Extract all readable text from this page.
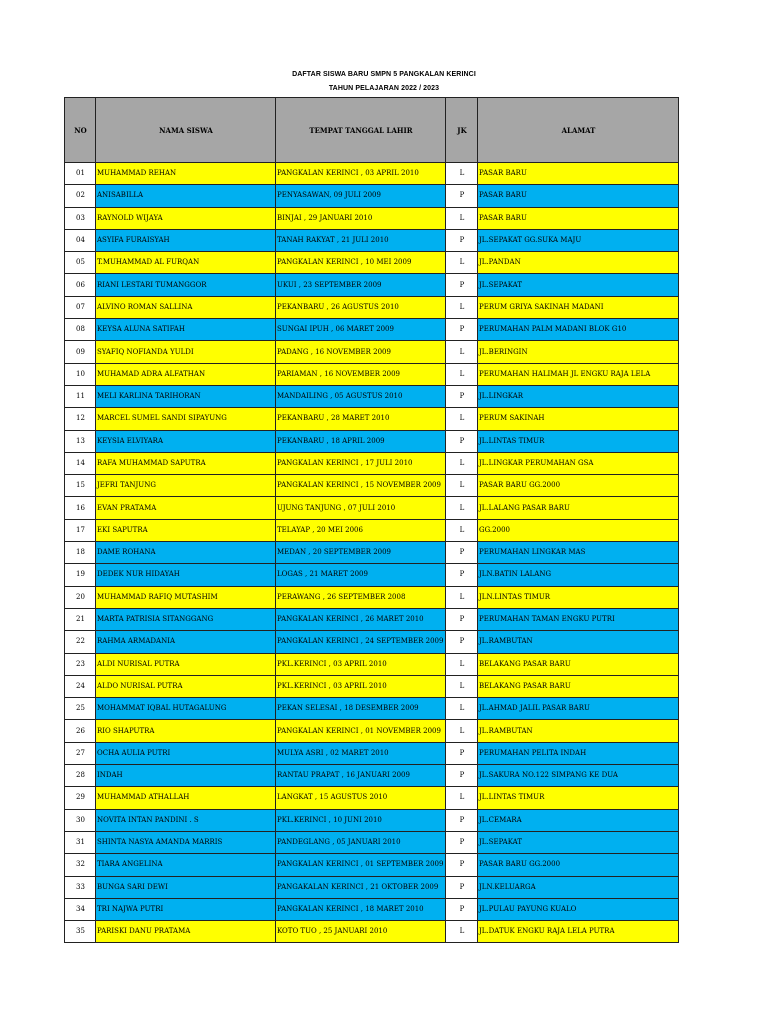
DAFTAR SISWA BARU SMPN 5 PANGKALAN KERINCI
TAHUN PELAJARAN 2022 / 2023
NO	NAMA SISWA	TEMPAT TANGGAL LAHIR	JK	ALAMAT
01	MUHAMMAD REHAN	PANGKALAN KERINCI , 03 APRIL 2010	L	PASAR BARU
02	ANISABILLA	PENYASAWAN, 09 JULI 2009	P	PASAR BARU
03	RAYNOLD WIJAYA	BINJAI , 29 JANUARI 2010	L	PASAR BARU
04	ASYIFA FURAISYAH	TANAH RAKYAT , 21 JULI 2010	P	JL.SEPAKAT GG.SUKA MAJU
05	T.MUHAMMAD AL FURQAN	PANGKALAN KERINCI , 10 MEI 2009	L	JL.PANDAN
06	RIANI LESTARI TUMANGGOR	UKUI , 23 SEPTEMBER 2009	P	JL.SEPAKAT
07	ALVINO ROMAN SALLINA	PEKANBARU , 26 AGUSTUS 2010	L	PERUM GRIYA SAKINAH MADANI
08	KEYSA ALUNA SATIFAH	SUNGAI IPUH , 06 MARET 2009	P	PERUMAHAN PALM MADANI BLOK G10
09	SYAFIQ NOFIANDA YULDI	PADANG , 16 NOVEMBER 2009	L	JL.BERINGIN
10	MUHAMAD ADRA ALFATHAN	PARIAMAN , 16 NOVEMBER 2009	L	PERUMAHAN HALIMAH JL ENGKU RAJA LELA
11	MELI KARLINA TARIHORAN	MANDAILING , 05 AGUSTUS 2010	P	JL.LINGKAR
12	MARCEL SUMEL SANDI SIPAYUNG	PEKANBARU , 28 MARET 2010	L	PERUM SAKINAH
13	KEYSIA ELVIYARA	PEKANBARU , 18 APRIL 2009	P	JL.LINTAS TIMUR
14	RAFA MUHAMMAD SAPUTRA	PANGKALAN KERINCI , 17 JULI 2010	L	JL.LINGKAR PERUMAHAN GSA
15	JEFRI TANJUNG	PANGKALAN KERINCI , 15 NOVEMBER 2009	L	PASAR BARU GG.2000
16	EVAN PRATAMA	UJUNG TANJUNG , 07 JULI 2010	L	JL.LALANG PASAR BARU
17	EKI SAPUTRA	TELAYAP , 20 MEI 2006	L	GG.2000
18	DAME ROHANA	MEDAN , 20 SEPTEMBER 2009	P	PERUMAHAN LINGKAR MAS
19	DEDEK NUR HIDAYAH	LOGAS , 21 MARET 2009	P	JLN.BATIN LALANG
20	MUHAMMAD RAFIQ MUTASHIM	PERAWANG , 26 SEPTEMBER 2008	L	JLN.LINTAS TIMUR
21	MARTA PATRISIA SITANGGANG	PANGKALAN KERINCI , 26 MARET 2010	P	PERUMAHAN TAMAN ENGKU PUTRI
22	RAHMA ARMADANIA	PANGKALAN KERINCI , 24 SEPTEMBER 2009	P	JL.RAMBUTAN
23	ALDI NURISAL PUTRA	PKL.KERINCI , 03 APRIL 2010	L	BELAKANG PASAR BARU
24	ALDO NURISAL PUTRA	PKL.KERINCI , 03 APRIL 2010	L	BELAKANG PASAR BARU
25	MOHAMMAT IQBAL HUTAGALUNG	PEKAN SELESAI , 18 DESEMBER 2009	L	JL.AHMAD JALIL PASAR BARU
26	RIO SHAPUTRA	PANGKALAN KERINCI , 01 NOVEMBER 2009	L	JL.RAMBUTAN
27	OCHA AULIA PUTRI	MULYA ASRI , 02 MARET 2010	P	PERUMAHAN PELITA INDAH
28	INDAH	RANTAU PRAPAT , 16 JANUARI 2009	P	JL.SAKURA NO.122 SIMPANG KE DUA
29	MUHAMMAD ATHALLAH	LANGKAT , 15 AGUSTUS 2010	L	JL.LINTAS TIMUR
30	NOVITA INTAN PANDINI . S	PKL.KERINCI , 10 JUNI 2010	P	JL.CEMARA
31	SHINTA NASYA AMANDA MARRIS	PANDEGLANG , 05 JANUARI 2010	P	JL.SEPAKAT
32	TIARA ANGELINA	PANGKALAN KERINCI , 01 SEPTEMBER 2009	P	PASAR BARU GG.2000
33	BUNGA SARI DEWI	PANGAKALAN KERINCI , 21 OKTOBER 2009	P	JLN.KELUARGA
34	TRI NAJWA PUTRI	PANGKALAN KERINCI , 18 MARET 2010	P	JL.PULAU PAYUNG KUALO
35	PARISKI DANU PRATAMA	KOTO TUO , 25 JANUARI 2010	L	JL.DATUK ENGKU RAJA LELA PUTRA
